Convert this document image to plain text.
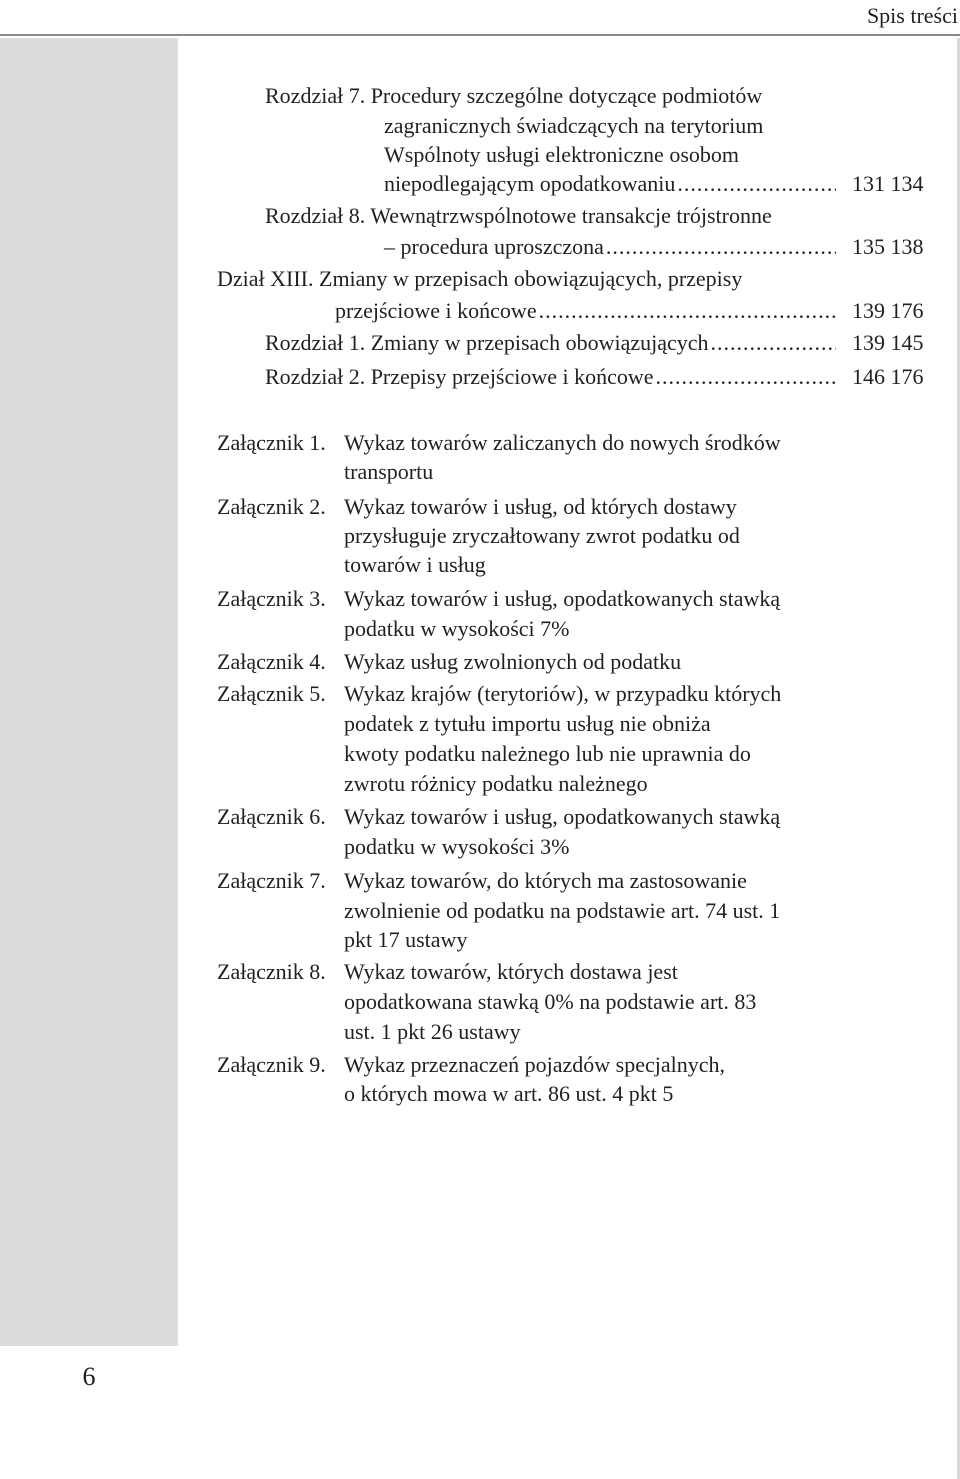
Spis treści
6
Rozdział 7. Procedury szczególne dotyczące podmiotów
zagranicznych świadczących na terytorium
Wspólnoty usługi elektroniczne osobom
niepodlegającym opodatkowaniu .....	131 134
Rozdział 8. Wewnątrzwspólnotowe transakcje trójstronne
– procedura uproszczona .....	135 138
Dział XIII. Zmiany w przepisach obowiązujących, przepisy
przejściowe i końcowe .....	139 176
Rozdział 1. Zmiany w przepisach obowiązujących .....	139 145
Rozdział 2. Przepisy przejściowe i końcowe .....	146 176
Załącznik 1. Wykaz towarów zaliczanych do nowych środków
transportu
Załącznik 2. Wykaz towarów i usług, od których dostawy
przysługuje zryczałtowany zwrot podatku od
towarów i usług
Załącznik 3. Wykaz towarów i usług, opodatkowanych stawką
podatku w wysokości 7%
Załącznik 4. Wykaz usług zwolnionych od podatku
Załącznik 5. Wykaz krajów (terytoriów), w przypadku których
podatek z tytułu importu usług nie obniża
kwoty podatku należnego lub nie uprawnia do
zwrotu różnicy podatku należnego
Załącznik 6. Wykaz towarów i usług, opodatkowanych stawką
podatku w wysokości 3%
Załącznik 7. Wykaz towarów, do których ma zastosowanie
zwolnienie od podatku na podstawie art. 74 ust. 1
pkt 17 ustawy
Załącznik 8. Wykaz towarów, których dostawa jest
opodatkowana stawką 0% na podstawie art. 83
ust. 1 pkt 26 ustawy
Załącznik 9. Wykaz przeznaczeń pojazdów specjalnych,
o których mowa w art. 86 ust. 4 pkt 5
